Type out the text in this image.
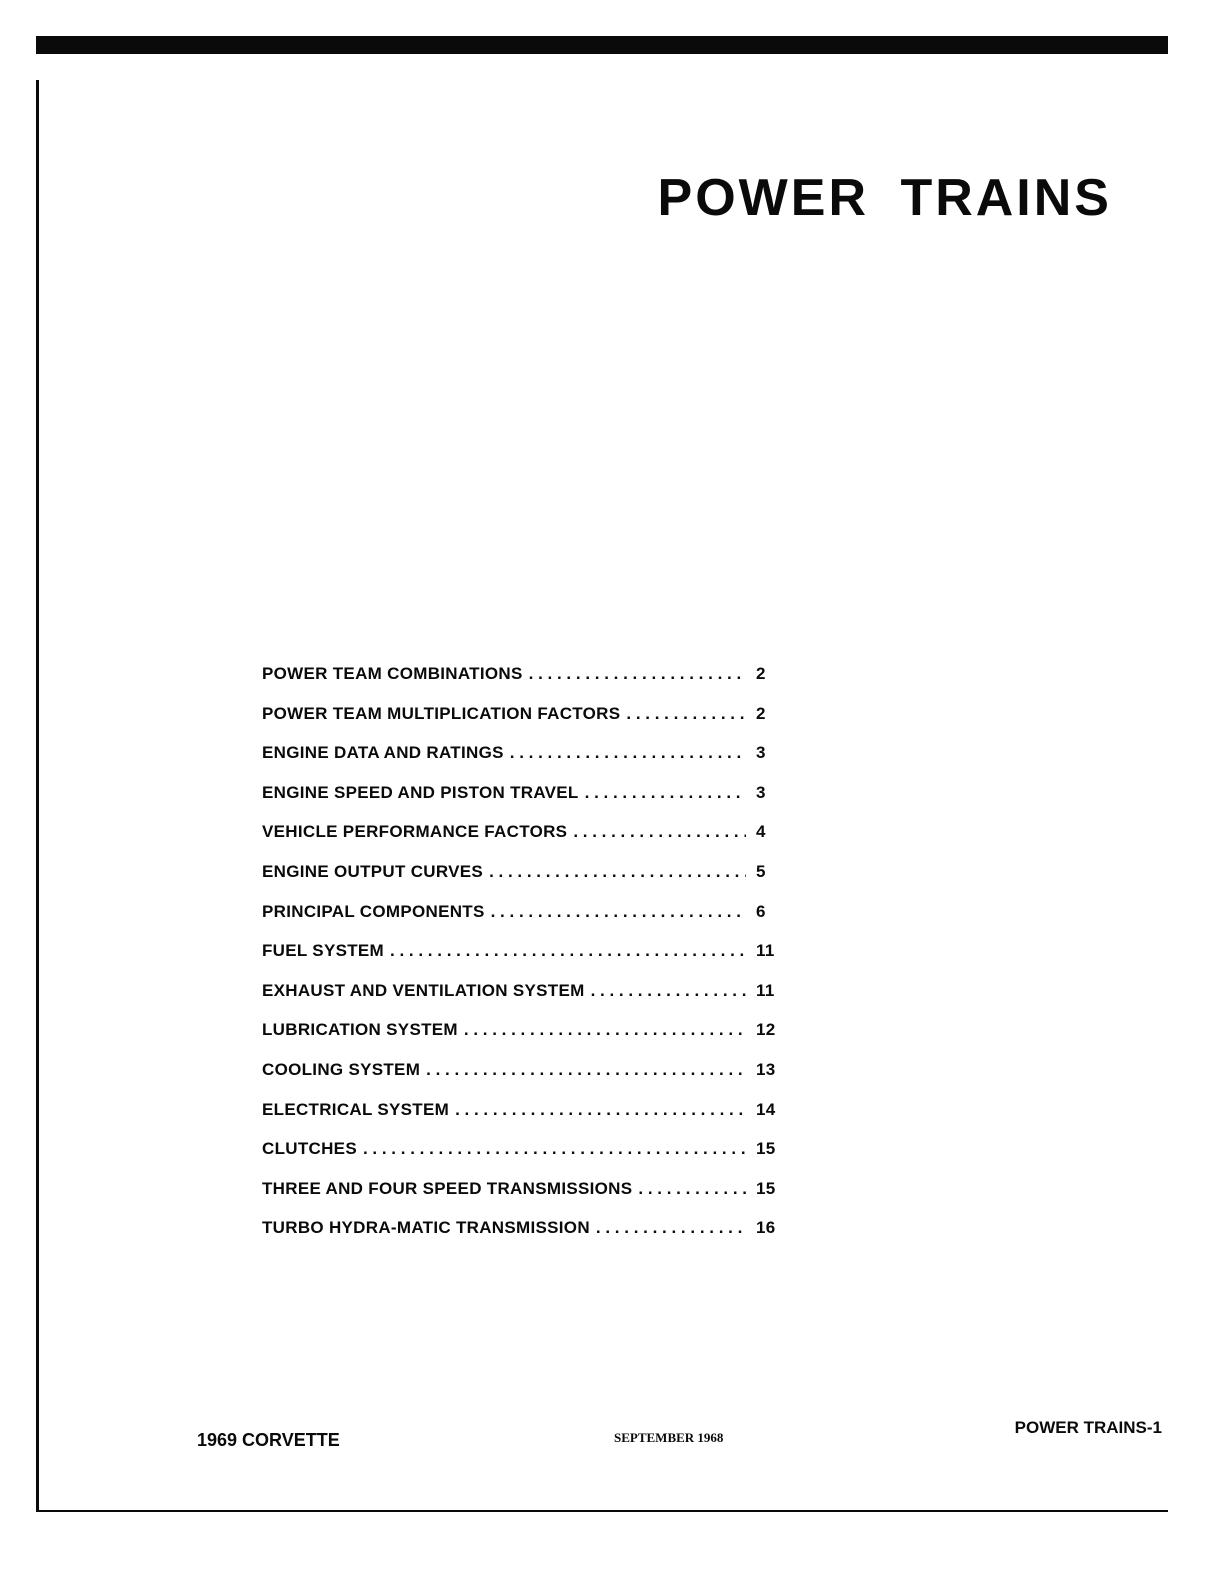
POWER TRAINS
POWER TEAM COMBINATIONS . . .	2
POWER TEAM MULTIPLICATION FACTORS . . .	2
ENGINE DATA AND RATINGS . . .	3
ENGINE SPEED AND PISTON TRAVEL . . .	3
VEHICLE PERFORMANCE FACTORS . . .	4
ENGINE OUTPUT CURVES . . .	5
PRINCIPAL COMPONENTS . . .	6
FUEL SYSTEM . . .	11
EXHAUST AND VENTILATION SYSTEM . . .	11
LUBRICATION SYSTEM . . .	12
COOLING SYSTEM . . .	13
ELECTRICAL SYSTEM . . .	14
CLUTCHES . . .	15
THREE AND FOUR SPEED TRANSMISSIONS . . .	15
TURBO HYDRA-MATIC TRANSMISSION . . .	16
1969 CORVETTE	SEPTEMBER 1968
POWER TRAINS-1
